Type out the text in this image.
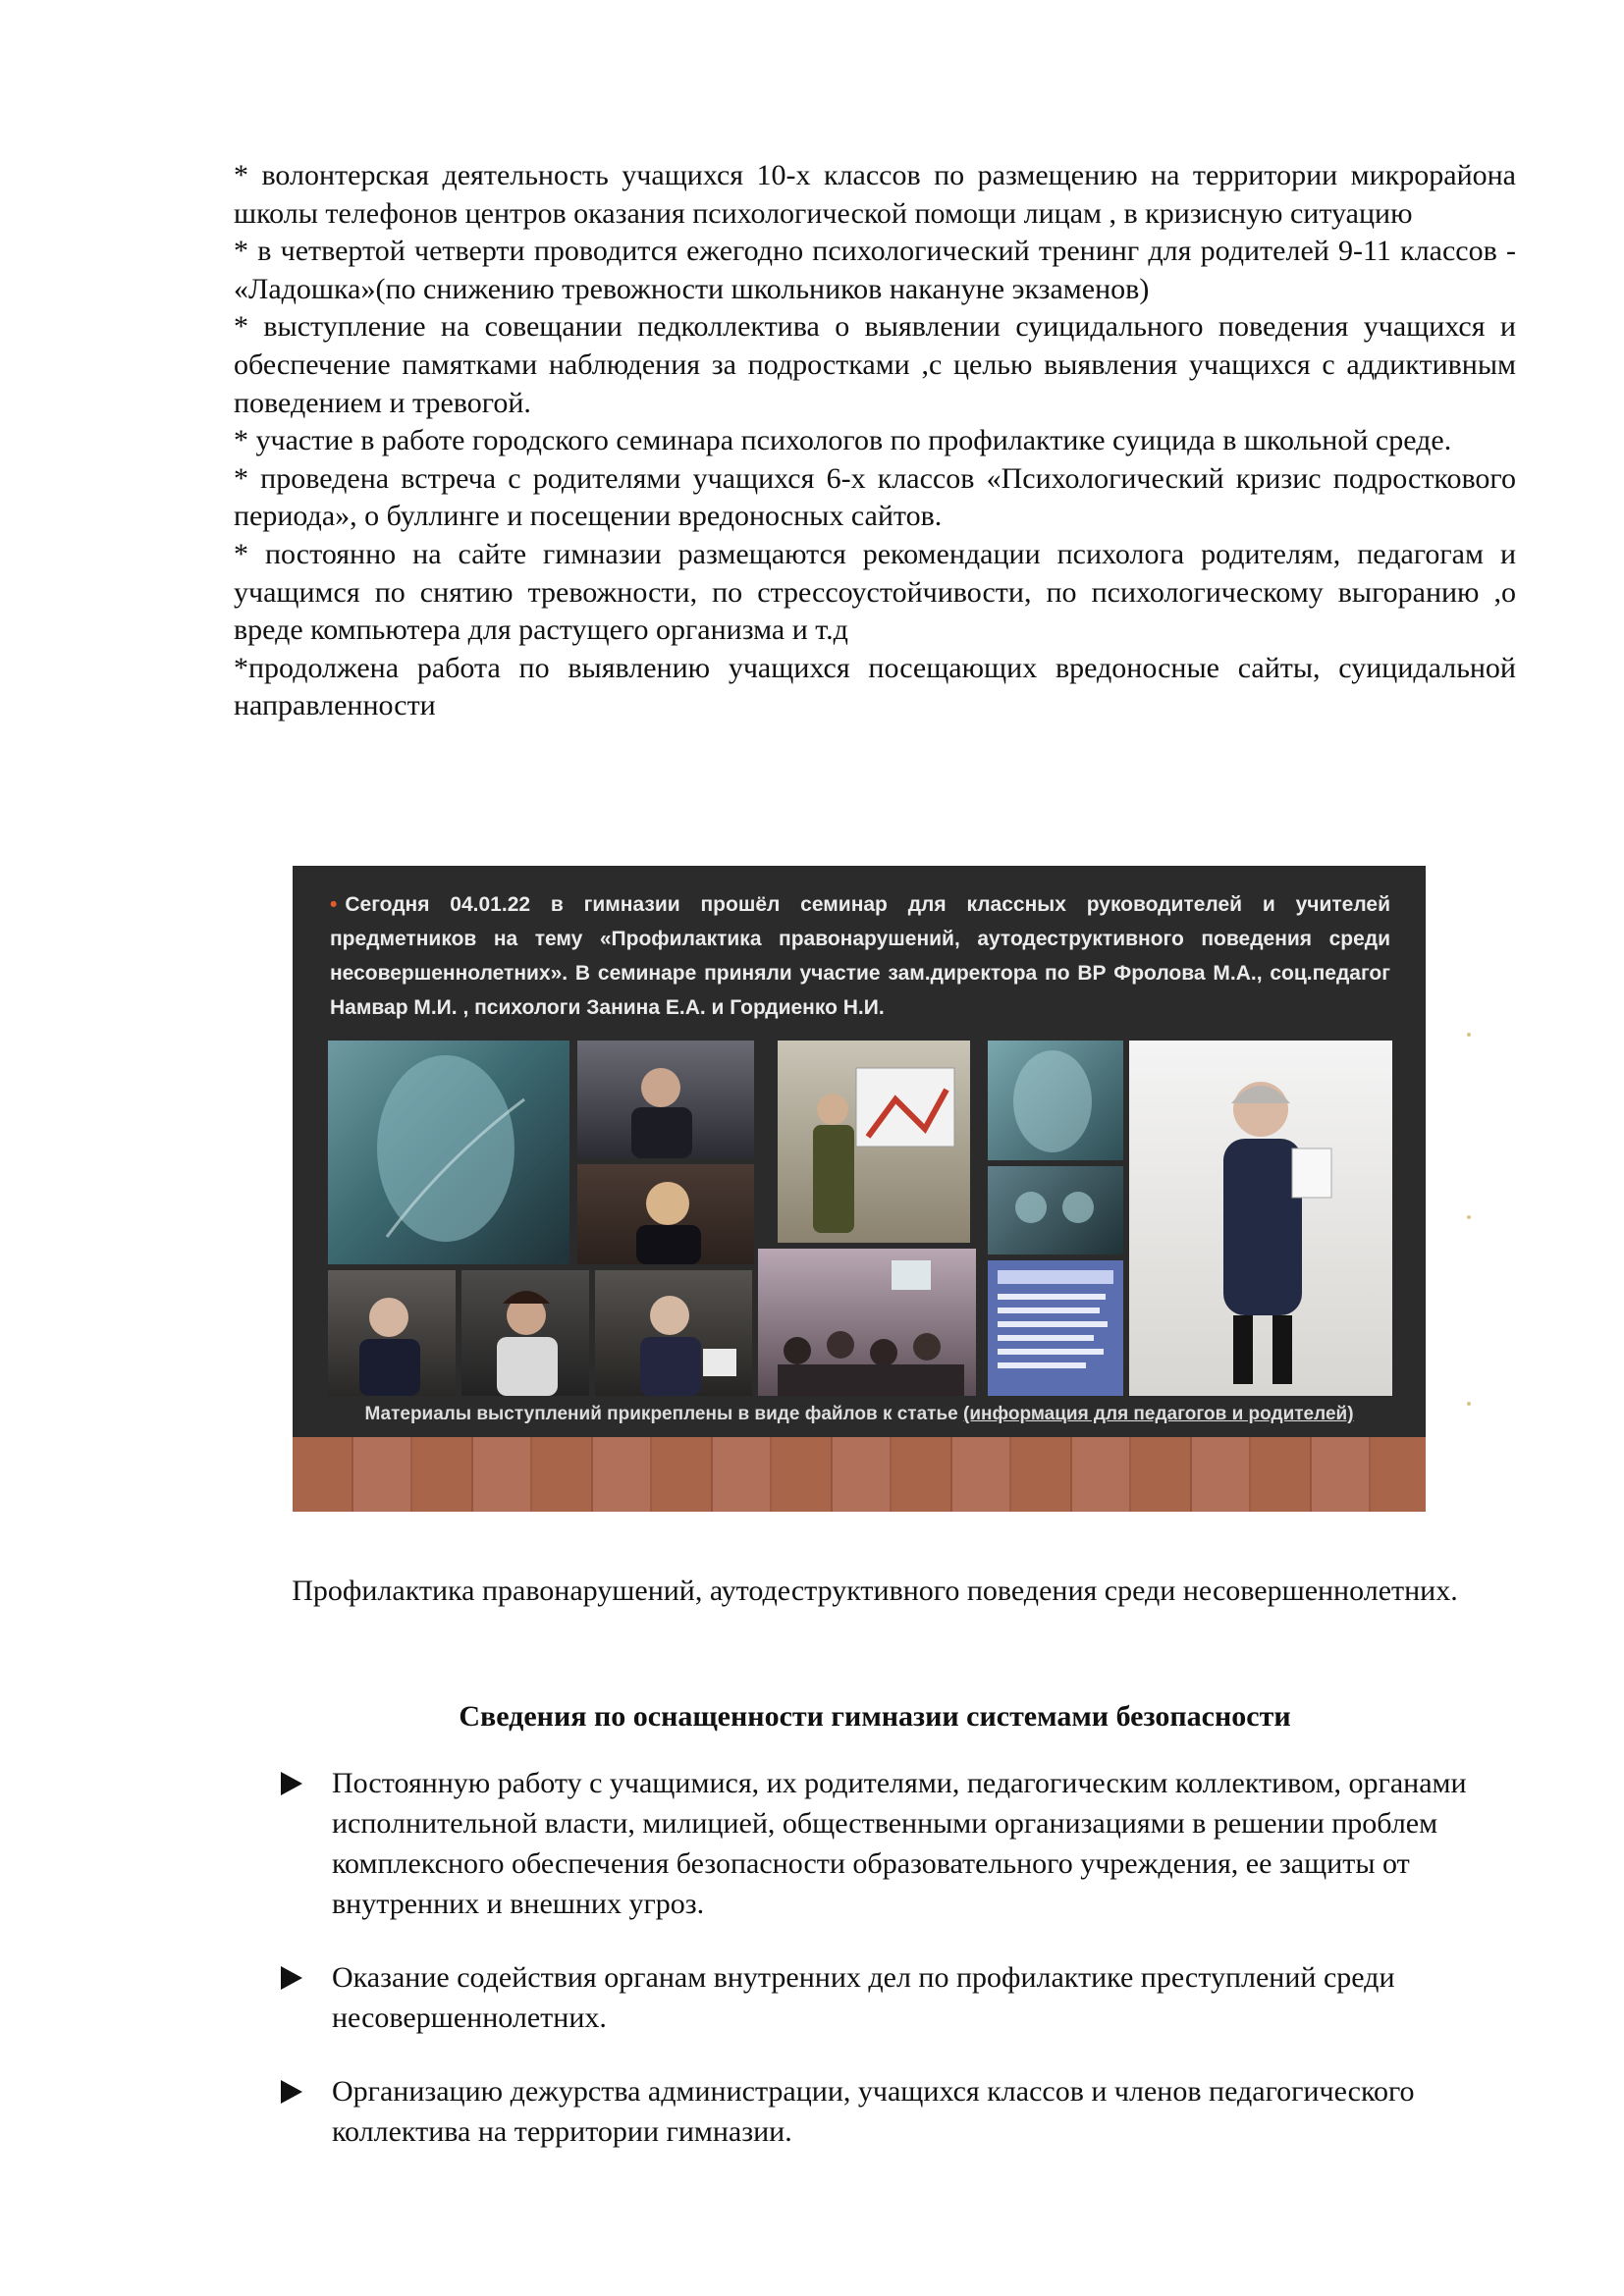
* волонтерская деятельность учащихся 10-х классов по размещению на территории микрорайона школы телефонов центров оказания психологической помощи лицам , в кризисную ситуацию

* в четвертой четверти проводится ежегодно психологический тренинг для родителей 9-11 классов - «Ладошка»(по снижению тревожности школьников накануне экзаменов)

* выступление на совещании педколлектива о выявлении суицидального поведения учащихся и обеспечение памятками наблюдения за подростками ,с целью выявления учащихся с аддиктивным поведением и тревогой.

* участие в работе городского семинара психологов по профилактике суицида в школьной среде.

* проведена встреча с родителями учащихся 6-х классов «Психологический кризис подросткового периода», о буллинге и посещении вредоносных сайтов.

* постоянно на сайте гимназии размещаются рекомендации психолога родителям, педагогам и учащимся по снятию тревожности, по стрессоустойчивости, по психологическому выгоранию ,о вреде компьютера для растущего организма и т.д

*продолжена работа по выявлению учащихся посещающих вредоносные сайты, суицидальной направленности

• Сегодня 04.01.22 в гимназии прошёл семинар для классных руководителей и учителей предметников на тему «Профилактика правонарушений, аутодеструктивного поведения среди несовершеннолетних». В семинаре приняли участие зам.директора по ВР Фролова М.А., соц.педагог Намвар М.И. , психологи Занина Е.А. и Гордиенко Н.И.
Материалы выступлений прикреплены в виде файлов к статье (информация для педагогов и родителей)
Профилактика правонарушений, аутодеструктивного поведения среди несовершеннолетних.
Сведения по оснащенности гимназии системами безопасности
Постоянную работу с учащимися, их родителями, педагогическим коллективом, органами исполнительной власти, милицией, общественными организациями в решении проблем комплексного обеспечения безопасности образовательного учреждения, ее защиты от внутренних и внешних угроз.
Оказание содействия органам внутренних дел по профилактике преступлений среди несовершеннолетних.
Организацию дежурства администрации, учащихся классов и членов педагогического коллектива на территории гимназии.
